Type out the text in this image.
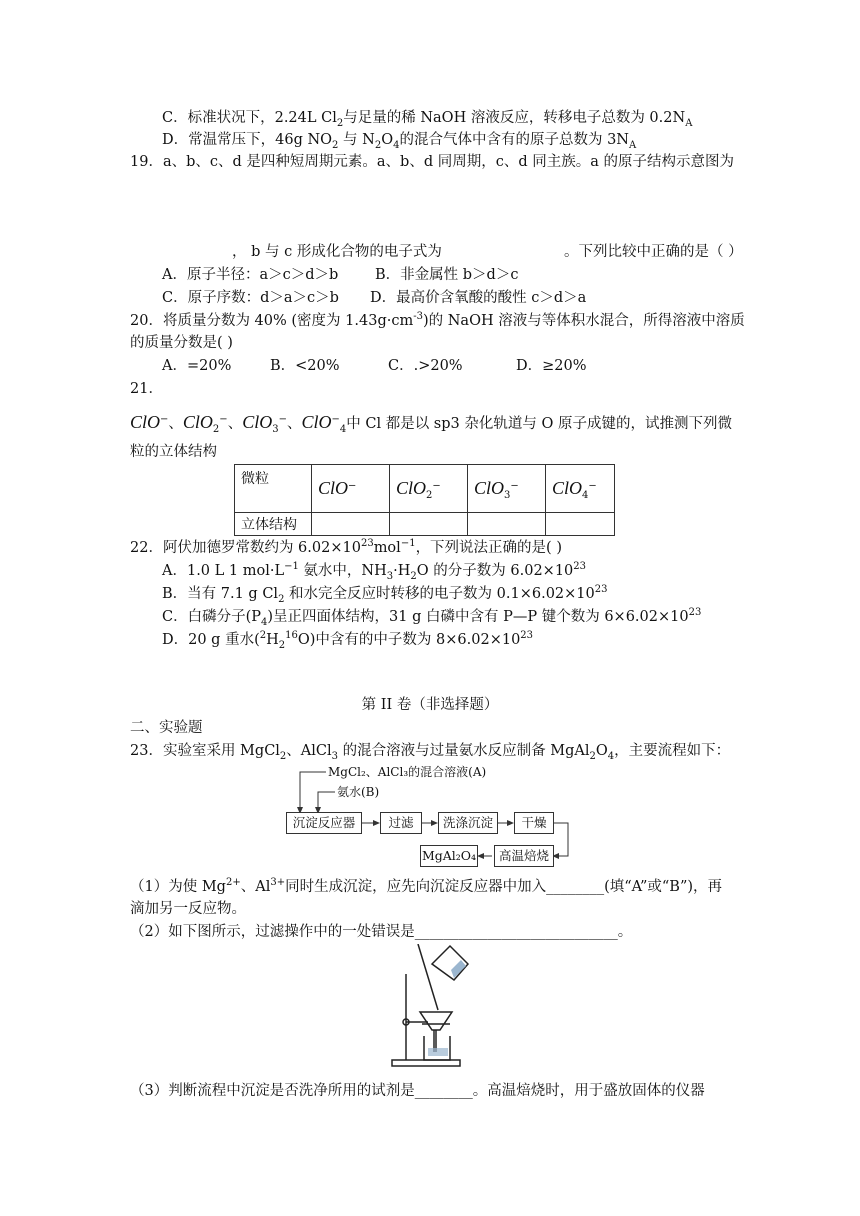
C．标准状况下，2.24L $Cl_2$与足量的稀 NaOH 溶液反应，转移电子总数为 $0.2N_A$
D．常温常压下，46g $NO_2$ 与 $N_2O_4$的混合气体中含有的原子总数为 $3N_A$
19．a、b、c、d 是四种短周期元素。a、b、d 同周期，c、d 同主族。a 的原子结构示意图为
， b 与 c 形成化合物的电子式为	。下列比较中正确的是（ ）
A．原子半径：a＞c＞d＞b	B．非金属性 b＞d＞c
C．原子序数：d＞a＞c＞b D．最高价含氧酸的酸性 c＞d＞a
20．将质量分数为 40% (密度为 $1.43g\cdot cm^{-3}$)的 NaOH 溶液与等体积水混合，所得溶液中溶质
的质量分数是( )
A．=20%	B．<20%	C．.>20%	D．≥20%
21．
ClO−、ClO$_2$−、ClO$_3$−、ClO−$_4$中 Cl 都是以 sp3 杂化轨道与 O 原子成键的，试推测下列微
粒的立体结构
微粒	ClO−	ClO$_2$−	ClO$_3$−	ClO$_4$−
立体结构				
22．阿伏加德罗常数约为 $6.02\times 10^{23}mol^{-1}$，下列说法正确的是( )
A．1.0 L 1 $mol\cdot L^{-1}$ 氨水中，$NH_3\cdot H_2O$ 的分子数为 $6.02\times 10^{23}$
B．当有 7.1 g $Cl_2$ 和水完全反应时转移的电子数为 $0.1\times 6.02\times 10^{23}$
C．白磷分子$(P_4)$呈正四面体结构，31 g 白磷中含有 P—P 键个数为 $6\times 6.02\times 10^{23}$
D．20 g 重水$(^2H_2^{16}O)$中含有的中子数为 $8\times 6.02\times 10^{23}$
第 II 卷（非选择题）
二、实验题
23．实验室采用 MgCl$_2$、AlCl$_3$ 的混合溶液与过量氨水反应制备 $MgAl_2O_4$，主要流程如下：
MgCl₂、AlCl₃的混合溶液(A)
氨水(B)
沉淀反应器	过滤	洗涤沉淀	干燥
高温焙烧
MgAl₂O₄
（1）为使 $Mg^{2+}$、$Al^{3+}$同时生成沉淀，应先向沉淀反应器中加入________(填“A”或“B”)，再
滴加另一反应物。
（2）如下图所示，过滤操作中的一处错误是____________________________。
（3）判断流程中沉淀是否洗净所用的试剂是________。高温焙烧时，用于盛放固体的仪器
